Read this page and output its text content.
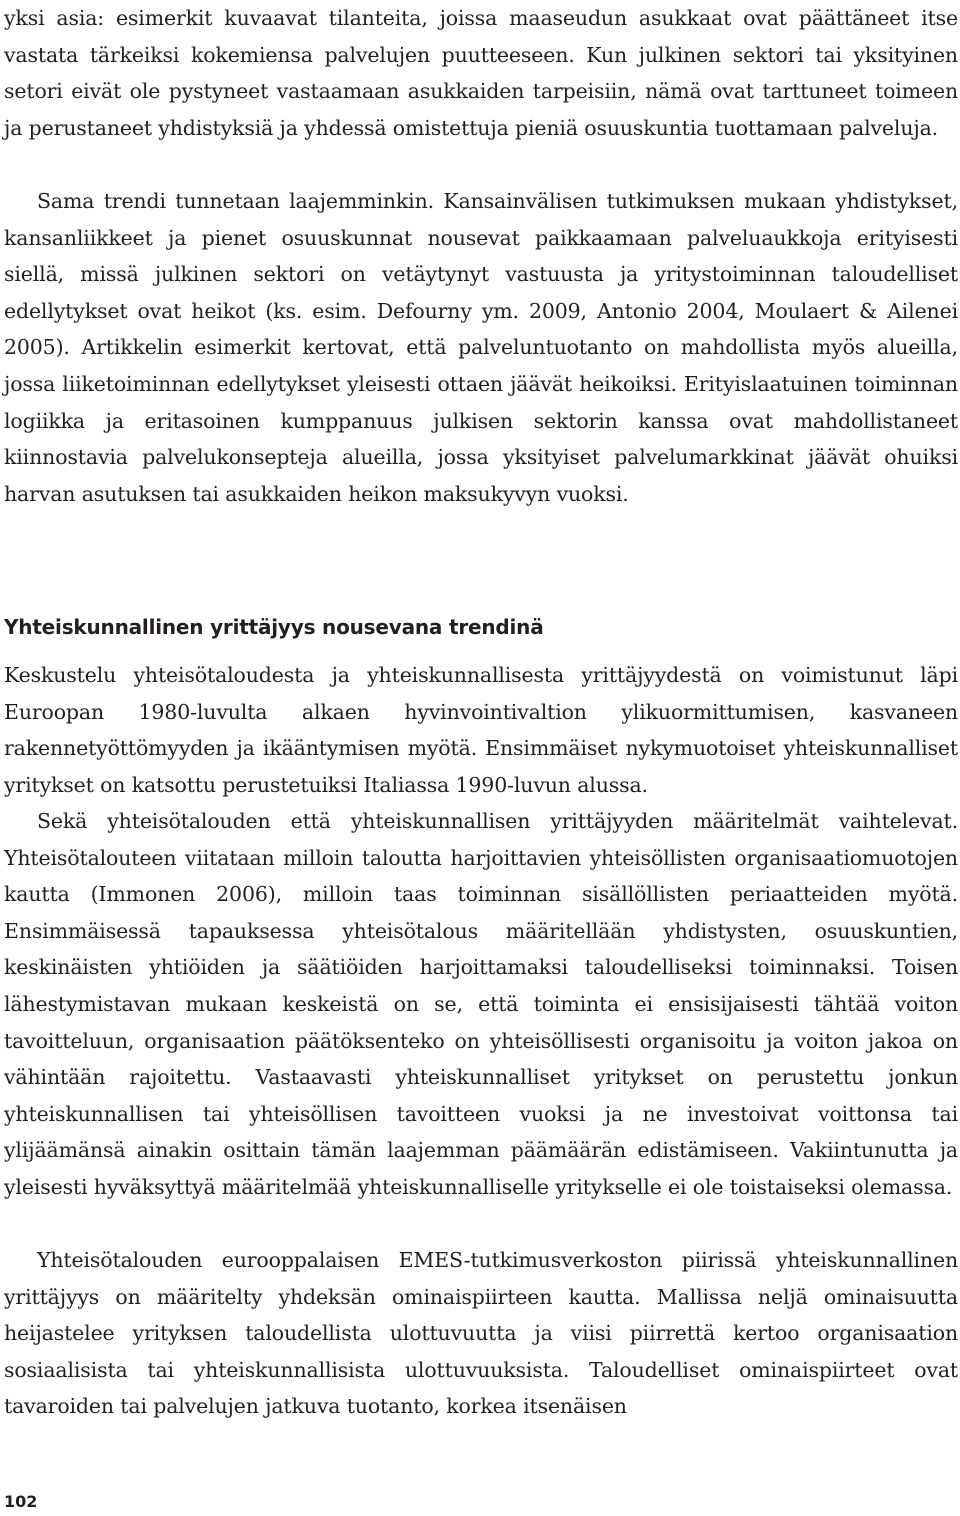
yksi asia: esimerkit kuvaavat tilanteita, joissa maaseudun asukkaat ovat päättäneet itse vastata tärkeiksi kokemiensa palvelujen puutteeseen. Kun julkinen sektori tai yksityinen setori eivät ole pystyneet vastaamaan asukkaiden tarpeisiin, nämä ovat tarttuneet toimeen ja perustaneet yhdistyksiä ja yhdessä omistettuja pieniä osuuskuntia tuottamaan palveluja.

Sama trendi tunnetaan laajemminkin. Kansainvälisen tutkimuksen mukaan yhdistykset, kansanliikkeet ja pienet osuuskunnat nousevat paikkaamaan palveluaukkoja erityisesti siellä, missä julkinen sektori on vetäytynyt vastuusta ja yritystoiminnan taloudelliset edellytykset ovat heikot (ks. esim. Defourny ym. 2009, Antonio 2004, Moulaert & Ailenei 2005). Artikkelin esimerkit kertovat, että palveluntuotanto on mahdollista myös alueilla, jossa liiketoiminnan edellytykset yleisesti ottaen jäävät heikoiksi. Erityislaatuinen toiminnan logiikka ja eritasoinen kumppanuus julkisen sektorin kanssa ovat mahdollistaneet kiinnostavia palvelukonsepteja alueilla, jossa yksityiset palvelumarkkinat jäävät ohuiksi harvan asutuksen tai asukkaiden heikon maksukyvyn vuoksi.

Yhteiskunnallinen yrittäjyys nousevana trendinä

Keskustelu yhteisötaloudesta ja yhteiskunnallisesta yrittäjyydestä on voimistunut läpi Euroopan 1980-luvulta alkaen hyvinvointivaltion ylikuormittumisen, kasvaneen rakennetyöttömyyden ja ikääntymisen myötä. Ensimmäiset nykymuotoiset yhteiskunnalliset yritykset on katsottu perustetuiksi Italiassa 1990-luvun alussa.

Sekä yhteisötalouden että yhteiskunnallisen yrittäjyyden määritelmät vaihtelevat. Yhteisötalouteen viitataan milloin taloutta harjoittavien yhteisöllisten organisaatiomuotojen kautta (Immonen 2006), milloin taas toiminnan sisällöllisten periaatteiden myötä. Ensimmäisessä tapauksessa yhteisötalous määritellään yhdistysten, osuuskuntien, keskinäisten yhtiöiden ja säätiöiden harjoittamaksi taloudelliseksi toiminnaksi. Toisen lähestymistavan mukaan keskeistä on se, että toiminta ei ensisijaisesti tähtää voiton tavoitteluun, organisaation päätöksenteko on yhteisöllisesti organisoitu ja voiton jakoa on vähintään rajoitettu. Vastaavasti yhteiskunnalliset yritykset on perustettu jonkun yhteiskunnallisen tai yhteisöllisen tavoitteen vuoksi ja ne investoivat voittonsa tai ylijäämänsä ainakin osittain tämän laajemman päämäärän edistämiseen. Vakiintunutta ja yleisesti hyväksyttyä määritelmää yhteiskunnalliselle yritykselle ei ole toistaiseksi olemassa.

Yhteisötalouden eurooppalaisen EMES-tutkimusverkoston piirissä yhteiskunnallinen yrittäjyys on määritelty yhdeksän ominaispiirteen kautta. Mallissa neljä ominaisuutta heijastelee yrityksen taloudellista ulottuvuutta ja viisi piirrettä kertoo organisaation sosiaalisista tai yhteiskunnallisista ulottuvuuksista. Taloudelliset ominaispiirteet ovat tavaroiden tai palvelujen jatkuva tuotanto, korkea itsenäisen

102
